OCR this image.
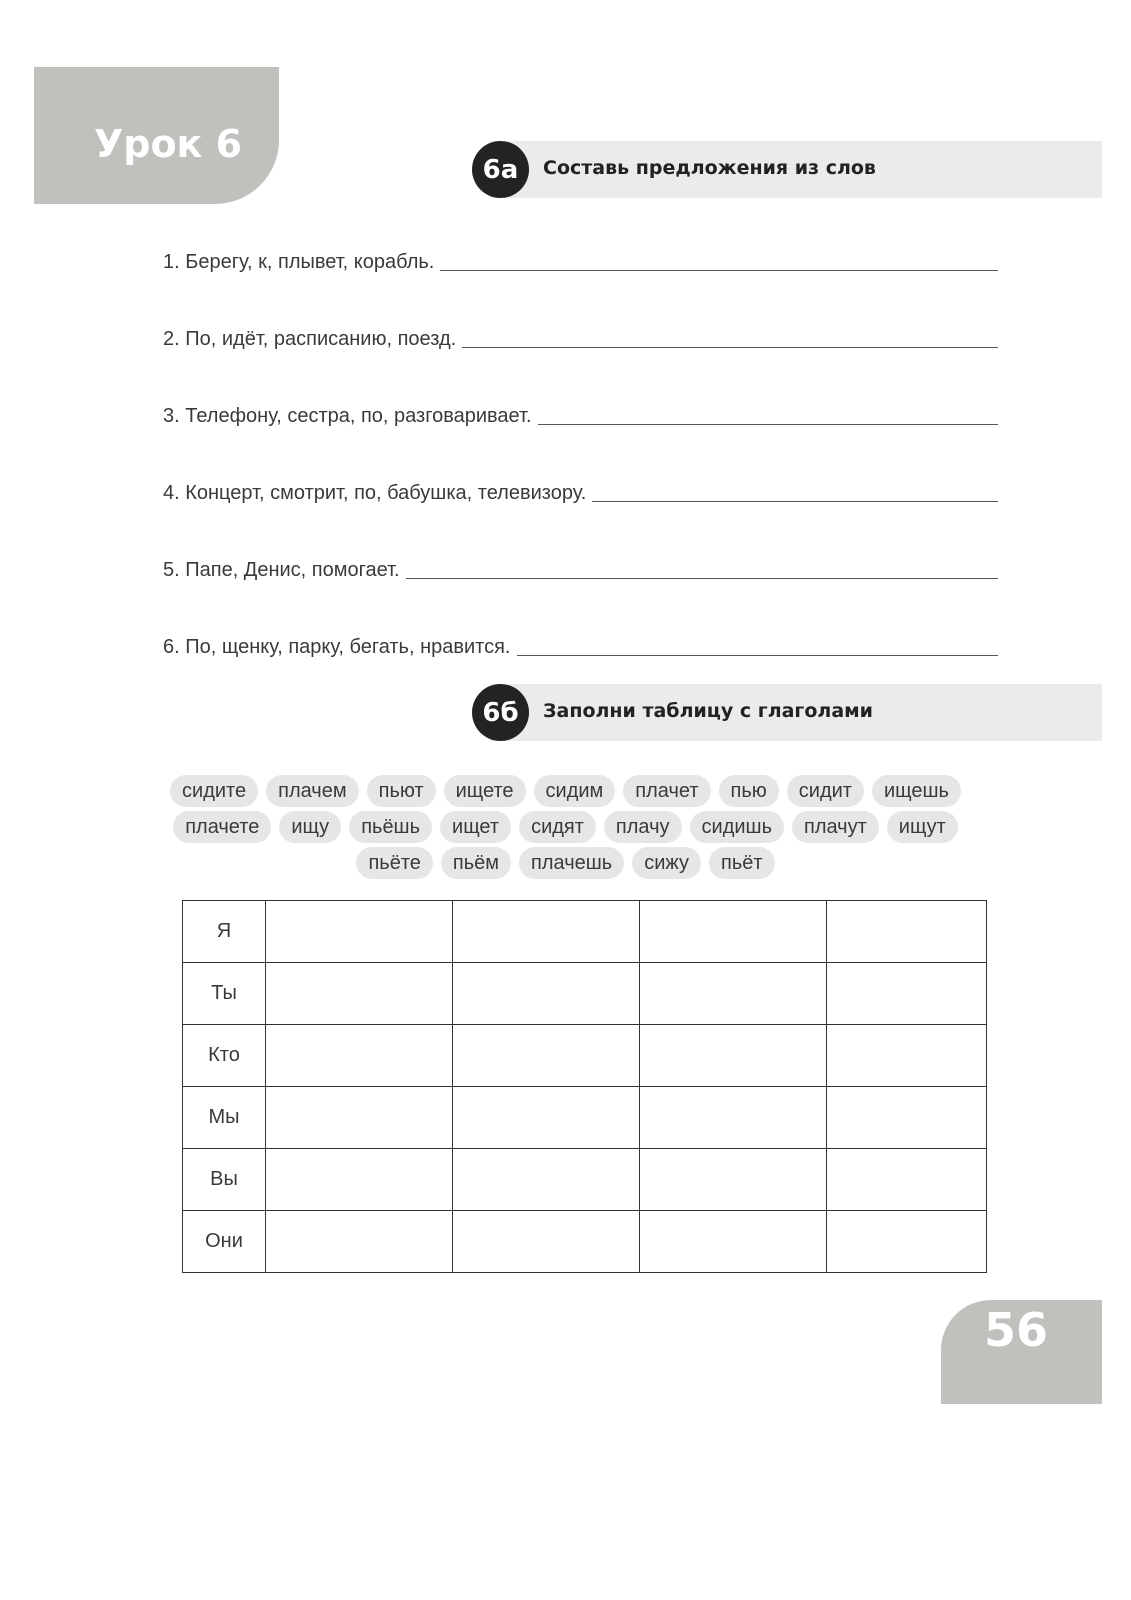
Урок 6
6а	Составь предложения из слов
1. Берегу, к, плывет, корабль.
2. По, идёт, расписанию, поезд.
3. Телефону, сестра, по, разговаривает.
4. Концерт, смотрит, по, бабушка, телевизору.
5. Папе, Денис, помогает.
6. По, щенку, парку, бегать, нравится.
6б	Заполни таблицу с глаголами
сидите	плачем	пьют	ищете	сидим	плачет	пью	сидит	ищешь
плачете	ищу	пьёшь	ищет	сидят	плачу	сидишь	плачут	ищут
пьёте	пьём	плачешь	сижу	пьёт
Я				
Ты				
Кто				
Мы				
Вы				
Они				
56
